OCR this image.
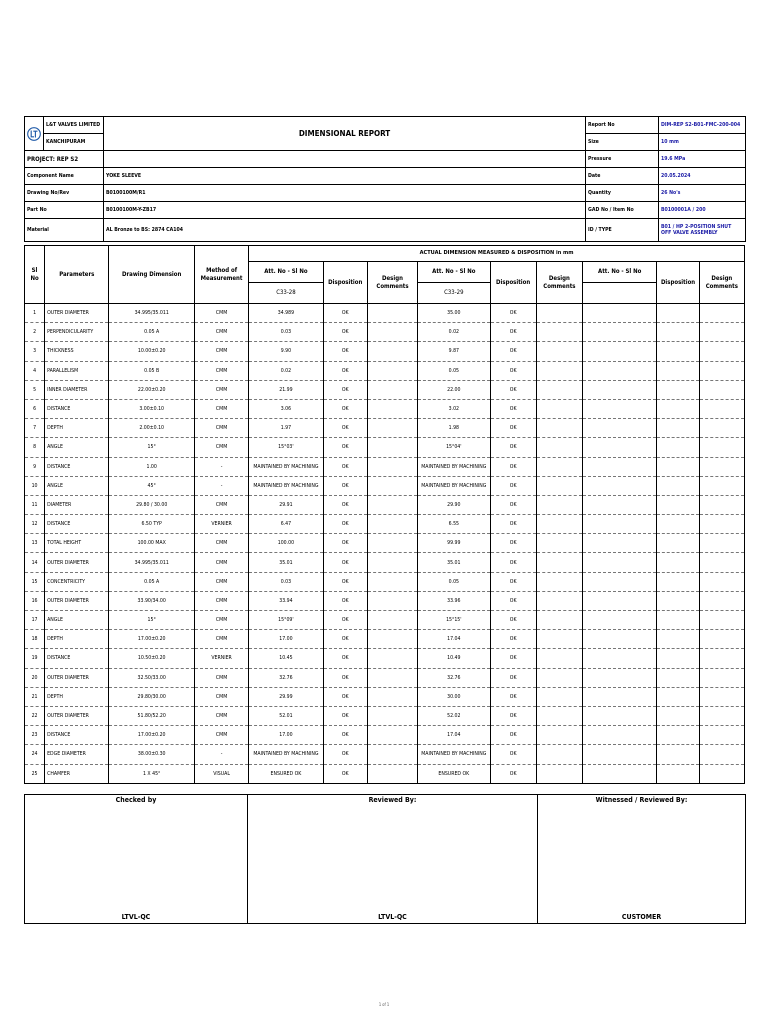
	L&T VALVES LIMITED	DIMENSIONAL REPORT	Report No	DIM-REP S2-B01-FMC-200-004
	KANCHIPURAM		Size	10 mm
PROJECT: REP S2			Pressure	19.6 MPa
Component Name		YOKE SLEEVE	Date	20.05.2024
Drawing No/Rev		B0100100M/R1	Quantity	26 No's
Part No		B0100100M-Y-ZB17	GAD No / Item No	B0100001A / 200
Material		AL Bronze to BS: 2874 CA104	ID / TYPE	B01 / HP 2-POSITION SHUT OFF VALVE ASSEMBLY
Sl No	Parameters	Drawing Dimension	Method of Measurement	ACTUAL DIMENSION MEASURED & DISPOSITION in mm								
				Att. No - Sl No	Disposition	Design Comments	Att. No - Sl No	Disposition	Design Comments	Att. No - Sl No	Disposition	Design Comments
				C33-28			C33-29					
1	OUTER DIAMETER	34.995/35.011	CMM	34.989	OK		35.00	OK				
2	PERPENDICULARITY	0.05 A	CMM	0.03	OK		0.02	OK				
3	THICKNESS	10.00±0.20	CMM	9.90	OK		9.87	OK				
4	PARALLELISM	0.05 B	CMM	0.02	OK		0.05	OK				
5	INNER DIAMETER	22.00±0.20	CMM	21.99	OK		22.00	OK				
6	DISTANCE	3.00±0.10	CMM	3.06	OK		3.02	OK				
7	DEPTH	2.00±0.10	CMM	1.97	OK		1.98	OK				
8	ANGLE	15°	CMM	15°03'	OK		15°04'	OK				
9	DISTANCE	1.00	-	MAINTAINED BY MACHINING	OK		MAINTAINED BY MACHINING	OK				
10	ANGLE	45°	-	MAINTAINED BY MACHINING	OK		MAINTAINED BY MACHINING	OK				
11	DIAMETER	29.80 / 30.00	CMM	29.91	OK		29.90	OK				
12	DISTANCE	6.50 TYP	VERNIER	6.47	OK		6.55	OK				
13	TOTAL HEIGHT	100.00 MAX	CMM	100.00	OK		99.99	OK				
14	OUTER DIAMETER	34.995/35.011	CMM	35.01	OK		35.01	OK				
15	CONCENTRICITY	0.05 A	CMM	0.03	OK		0.05	OK				
16	OUTER DIAMETER	33.90/34.00	CMM	33.94	OK		33.96	OK				
17	ANGLE	15°	CMM	15°09'	OK		15°15'	OK				
18	DEPTH	17.00±0.20	CMM	17.00	OK		17.04	OK				
19	DISTANCE	10.50±0.20	VERNIER	10.45	OK		10.49	OK				
20	OUTER DIAMETER	32.50/33.00	CMM	32.76	OK		32.76	OK				
21	DEPTH	29.80/30.00	CMM	29.99	OK		30.00	OK				
22	OUTER DIAMETER	51.80/52.20	CMM	52.01	OK		52.02	OK				
23	DISTANCE	17.00±0.20	CMM	17.00	OK		17.04	OK				
24	EDGE DIAMETER	38.00±0.30	-	MAINTAINED BY MACHINING	OK		MAINTAINED BY MACHINING	OK				
25	CHAMFER	1 X 45°	VISUAL	ENSURED OK	OK		ENSURED OK	OK				
Checked by
LTVL-QC

Reviewed By:
LTVL-QC

Witnessed / Reviewed By:
CUSTOMER
1 of 1
